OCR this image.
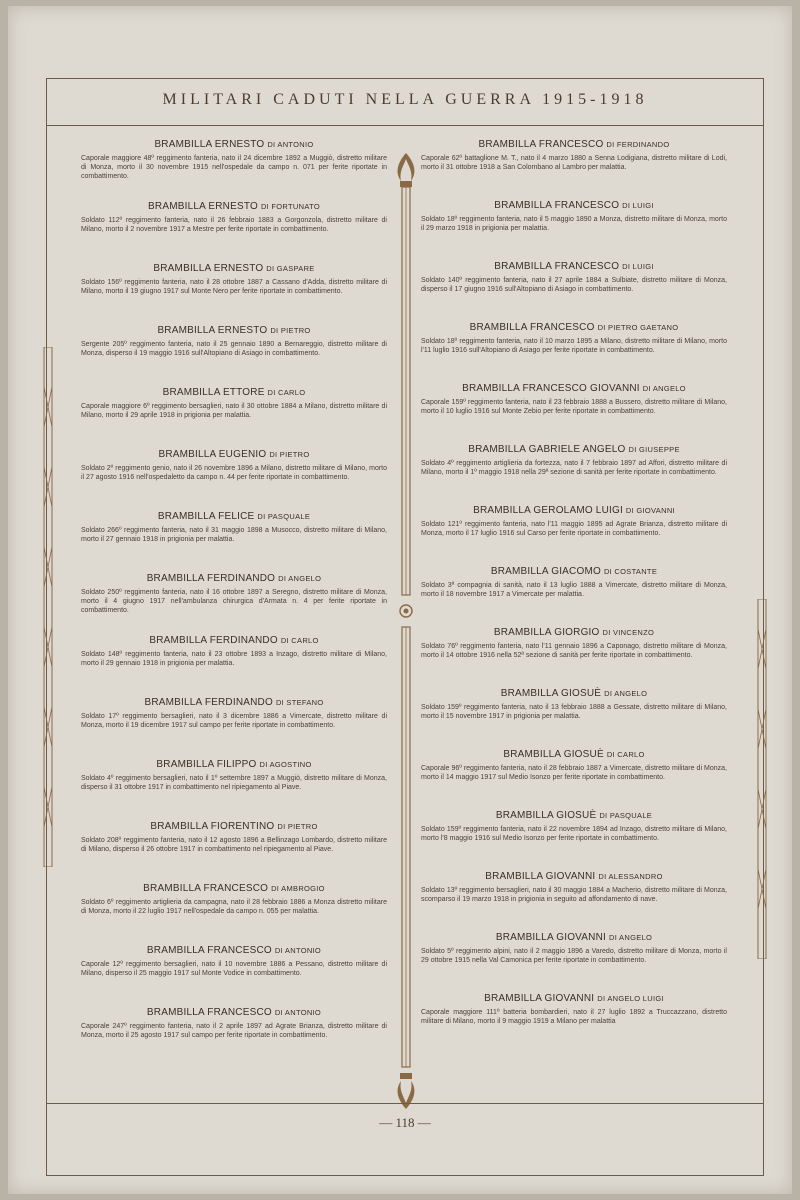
MILITARI CADUTI NELLA GUERRA 1915-1918
BRAMBILLA ERNESTO DI ANTONIO
Caporale maggiore 48º reggimento fanteria, nato il 24 dicembre 1892 a Muggiò, distretto militare di Monza, morto il 30 novembre 1915 nell'ospedale da campo n. 071 per ferite riportate in combattimento.
BRAMBILLA ERNESTO DI FORTUNATO
Soldato 112º reggimento fanteria, nato il 26 febbraio 1883 a Gorgonzola, distretto militare di Milano, morto il 2 novembre 1917 a Mestre per ferite riportate in combattimento.
BRAMBILLA ERNESTO DI GASPARE
Soldato 156º reggimento fanteria, nato il 28 ottobre 1887 a Cassano d'Adda, distretto militare di Milano, morto il 19 giugno 1917 sul Monte Nero per ferite riportate in combattimento.
BRAMBILLA ERNESTO DI PIETRO
Sergente 205º reggimento fanteria, nato il 25 gennaio 1890 a Bernareggio, distretto militare di Monza, disperso il 19 maggio 1916 sull'Altopiano di Asiago in combattimento.
BRAMBILLA ETTORE DI CARLO
Caporale maggiore 6º reggimento bersaglieri, nato il 30 ottobre 1884 a Milano, distretto militare di Milano, morto il 29 aprile 1918 in prigionia per malattia.
BRAMBILLA EUGENIO DI PIETRO
Soldato 2º reggimento genio, nato il 26 novembre 1896 a Milano, distretto militare di Milano, morto il 27 agosto 1916 nell'ospedaletto da campo n. 44 per ferite riportate in combattimento.
BRAMBILLA FELICE DI PASQUALE
Soldato 266º reggimento fanteria, nato il 31 maggio 1898 a Musocco, distretto militare di Milano, morto il 27 gennaio 1918 in prigionia per malattia.
BRAMBILLA FERDINANDO DI ANGELO
Soldato 250º reggimento fanteria, nato il 16 ottobre 1897 a Seregno, distretto militare di Monza, morto il 4 giugno 1917 nell'ambulanza chirurgica d'Armata n. 4 per ferite riportate in combattimento.
BRAMBILLA FERDINANDO DI CARLO
Soldato 148º reggimento fanteria, nato il 23 ottobre 1893 a Inzago, distretto militare di Milano, morto il 29 gennaio 1918 in prigionia per malattia.
BRAMBILLA FERDINANDO DI STEFANO
Soldato 17º reggimento bersaglieri, nato il 3 dicembre 1886 a Vimercate, distretto militare di Monza, morto il 19 dicembre 1917 sul campo per ferite riportate in combattimento.
BRAMBILLA FILIPPO DI AGOSTINO
Soldato 4º reggimento bersaglieri, nato il 1º settembre 1897 a Muggiò, distretto militare di Monza, disperso il 31 ottobre 1917 in combattimento nel ripiegamento al Piave.
BRAMBILLA FIORENTINO DI PIETRO
Soldato 208º reggimento fanteria, nato il 12 agosto 1896 a Bellinzago Lombardo, distretto militare di Milano, disperso il 26 ottobre 1917 in combattimento nel ripiegamento al Piave.
BRAMBILLA FRANCESCO DI AMBROGIO
Soldato 6º reggimento artiglieria da campagna, nato il 28 febbraio 1886 a Monza distretto militare di Monza, morto il 22 luglio 1917 nell'ospedale da campo n. 055 per malattia.
BRAMBILLA FRANCESCO DI ANTONIO
Caporale 12º reggimento bersaglieri, nato il 10 novembre 1886 a Pessano, distretto militare di Milano, disperso il 25 maggio 1917 sul Monte Vodice in combattimento.
BRAMBILLA FRANCESCO DI ANTONIO
Caporale 247º reggimento fanteria, nato il 2 aprile 1897 ad Agrate Brianza, distretto militare di Monza, morto il 25 agosto 1917 sul campo per ferite riportate in combattimento.
BRAMBILLA FRANCESCO DI FERDINANDO
Caporale 62º battaglione M. T., nato il 4 marzo 1880 a Senna Lodigiana, distretto militare di Lodi, morto il 31 ottobre 1918 a San Colombano al Lambro per malattia.
BRAMBILLA FRANCESCO DI LUIGI
Soldato 18º reggimento fanteria, nato il 5 maggio 1890 a Monza, distretto militare di Monza, morto il 29 marzo 1918 in prigionia per malattia.
BRAMBILLA FRANCESCO DI LUIGI
Soldato 140º reggimento fanteria, nato il 27 aprile 1884 a Sulbiate, distretto militare di Monza, disperso il 17 giugno 1916 sull'Altopiano di Asiago in combattimento.
BRAMBILLA FRANCESCO DI PIETRO GAETANO
Soldato 18º reggimento fanteria, nato il 10 marzo 1895 a Milano, distretto militare di Milano, morto l'11 luglio 1916 sull'Altopiano di Asiago per ferite riportate in combattimento.
BRAMBILLA FRANCESCO GIOVANNI DI ANGELO
Caporale 159º reggimento fanteria, nato il 23 febbraio 1888 a Bussero, distretto militare di Milano, morto il 10 luglio 1916 sul Monte Zebio per ferite riportate in combattimento.
BRAMBILLA GABRIELE ANGELO DI GIUSEPPE
Soldato 4º reggimento artiglieria da fortezza, nato il 7 febbraio 1897 ad Affori, distretto militare di Milano, morto il 1º maggio 1918 nella 29ª sezione di sanità per ferite riportate in combattimento.
BRAMBILLA GEROLAMO LUIGI DI GIOVANNI
Soldato 121º reggimento fanteria, nato l'11 maggio 1895 ad Agrate Brianza, distretto militare di Monza, morto il 17 luglio 1916 sul Carso per ferite riportate in combattimento.
BRAMBILLA GIACOMO DI COSTANTE
Soldato 3ª compagnia di sanità, nato il 13 luglio 1888 a Vimercate, distretto militare di Monza, morto il 18 novembre 1917 a Vimercate per malattia.
BRAMBILLA GIORGIO DI VINCENZO
Soldato 76º reggimento fanteria, nato l'11 gennaio 1896 a Caponago, distretto militare di Monza, morto il 14 ottobre 1916 nella 52ª sezione di sanità per ferite riportate in combattimento.
BRAMBILLA GIOSUÈ DI ANGELO
Soldato 159º reggimento fanteria, nato il 13 febbraio 1888 a Gessate, distretto militare di Milano, morto il 15 novembre 1917 in prigionia per malattia.
BRAMBILLA GIOSUÈ DI CARLO
Caporale 96º reggimento fanteria, nato il 28 febbraio 1887 a Vimercate, distretto militare di Monza, morto il 14 maggio 1917 sul Medio Isonzo per ferite riportate in combattimento.
BRAMBILLA GIOSUÈ DI PASQUALE
Soldato 159º reggimento fanteria, nato il 22 novembre 1894 ad Inzago, distretto militare di Milano, morto l'8 maggio 1916 sul Medio Isonzo per ferite riportate in combattimento.
BRAMBILLA GIOVANNI DI ALESSANDRO
Soldato 13º reggimento bersaglieri, nato il 30 maggio 1884 a Macherio, distretto militare di Monza, scomparso il 19 marzo 1918 in prigionia in seguito ad affondamento di nave.
BRAMBILLA GIOVANNI DI ANGELO
Soldato 5º reggimento alpini, nato il 2 maggio 1896 a Varedo, distretto militare di Monza, morto il 29 ottobre 1915 nella Val Camonica per ferite riportate in combattimento.
BRAMBILLA GIOVANNI DI ANGELO LUIGI
Caporale maggiore 111º batteria bombardieri, nato il 27 luglio 1892 a Truccazzano, distretto militare di Milano, morto il 9 maggio 1919 a Milano per malattia
— 118 —
